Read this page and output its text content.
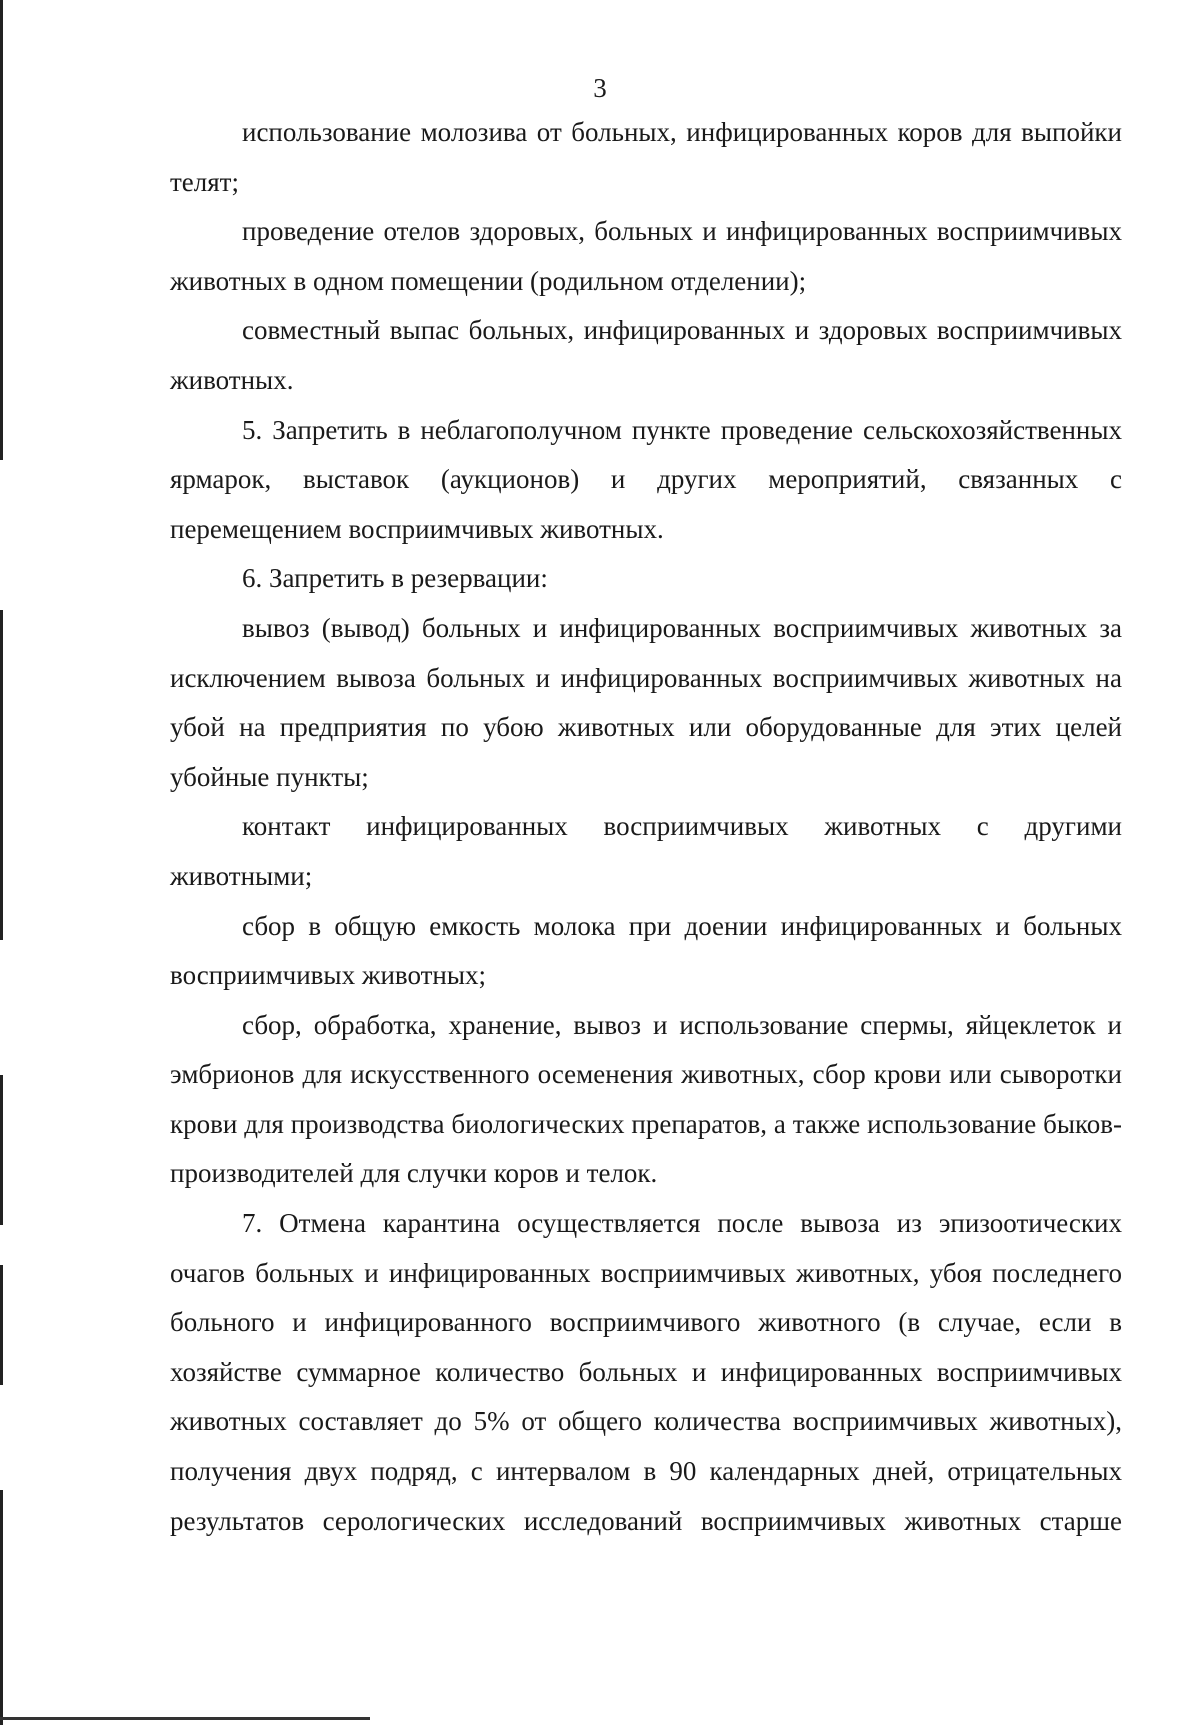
3

использование молозива от больных, инфицированных коров для выпойки телят;

проведение отелов здоровых, больных и инфицированных восприимчивых животных в одном помещении (родильном отделении);

совместный выпас больных, инфицированных и здоровых восприимчивых животных.

5. Запретить в неблагополучном пункте проведение сельскохозяйственных ярмарок, выставок (аукционов) и других мероприятий, связанных с перемещением восприимчивых животных.

6. Запретить в резервации:

вывоз (вывод) больных и инфицированных восприимчивых животных за исключением вывоза больных и инфицированных восприимчивых животных на убой на предприятия по убою животных или оборудованные для этих целей убойные пункты;

контакт инфицированных восприимчивых животных с другими животными;

сбор в общую емкость молока при доении инфицированных и больных восприимчивых животных;

сбор, обработка, хранение, вывоз и использование спермы, яйцеклеток и эмбрионов для искусственного осеменения животных, сбор крови или сыворотки крови для производства биологических препаратов, а также использование быков-производителей для случки коров и телок.

7. Отмена карантина осуществляется после вывоза из эпизоотических очагов больных и инфицированных восприимчивых животных, убоя последнего больного и инфицированного восприимчивого животного (в случае, если в хозяйстве суммарное количество больных и инфицированных восприимчивых животных составляет до 5% от общего количества восприимчивых животных), получения двух подряд, с интервалом в 90 календарных дней, отрицательных результатов серологических исследований восприимчивых животных старше
